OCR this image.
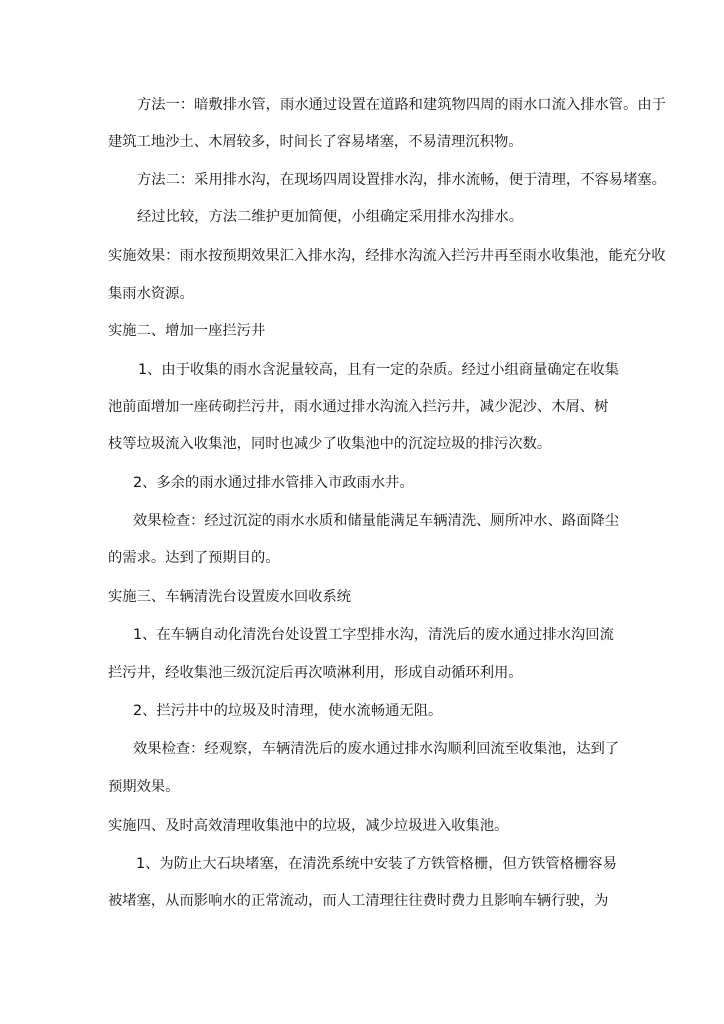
方法一：暗敷排水管，雨水通过设置在道路和建筑物四周的雨水口流入排水管。由于
建筑工地沙土、木屑较多，时间长了容易堵塞，不易清理沉积物。
方法二：采用排水沟，在现场四周设置排水沟，排水流畅，便于清理，不容易堵塞。
经过比较，方法二维护更加简便，小组确定采用排水沟排水。
实施效果：雨水按预期效果汇入排水沟，经排水沟流入拦污井再至雨水收集池，能充分收
集雨水资源。
实施二、增加一座拦污井
1、由于收集的雨水含泥量较高，且有一定的杂质。经过小组商量确定在收集
池前面增加一座砖砌拦污井，雨水通过排水沟流入拦污井，减少泥沙、木屑、树
枝等垃圾流入收集池，同时也减少了收集池中的沉淀垃圾的排污次数。
2、多余的雨水通过排水管排入市政雨水井。
效果检查：经过沉淀的雨水水质和储量能满足车辆清洗、厕所冲水、路面降尘
的需求。达到了预期目的。
实施三、车辆清洗台设置废水回收系统
1、在车辆自动化清洗台处设置工字型排水沟，清洗后的废水通过排水沟回流
拦污井，经收集池三级沉淀后再次喷淋利用，形成自动循环利用。
2、拦污井中的垃圾及时清理，使水流畅通无阻。
效果检查：经观察，车辆清洗后的废水通过排水沟顺利回流至收集池，达到了
预期效果。
实施四、及时高效清理收集池中的垃圾，减少垃圾进入收集池。
1、为防止大石块堵塞，在清洗系统中安装了方铁管格栅，但方铁管格栅容易
被堵塞，从而影响水的正常流动，而人工清理往往费时费力且影响车辆行驶，为
